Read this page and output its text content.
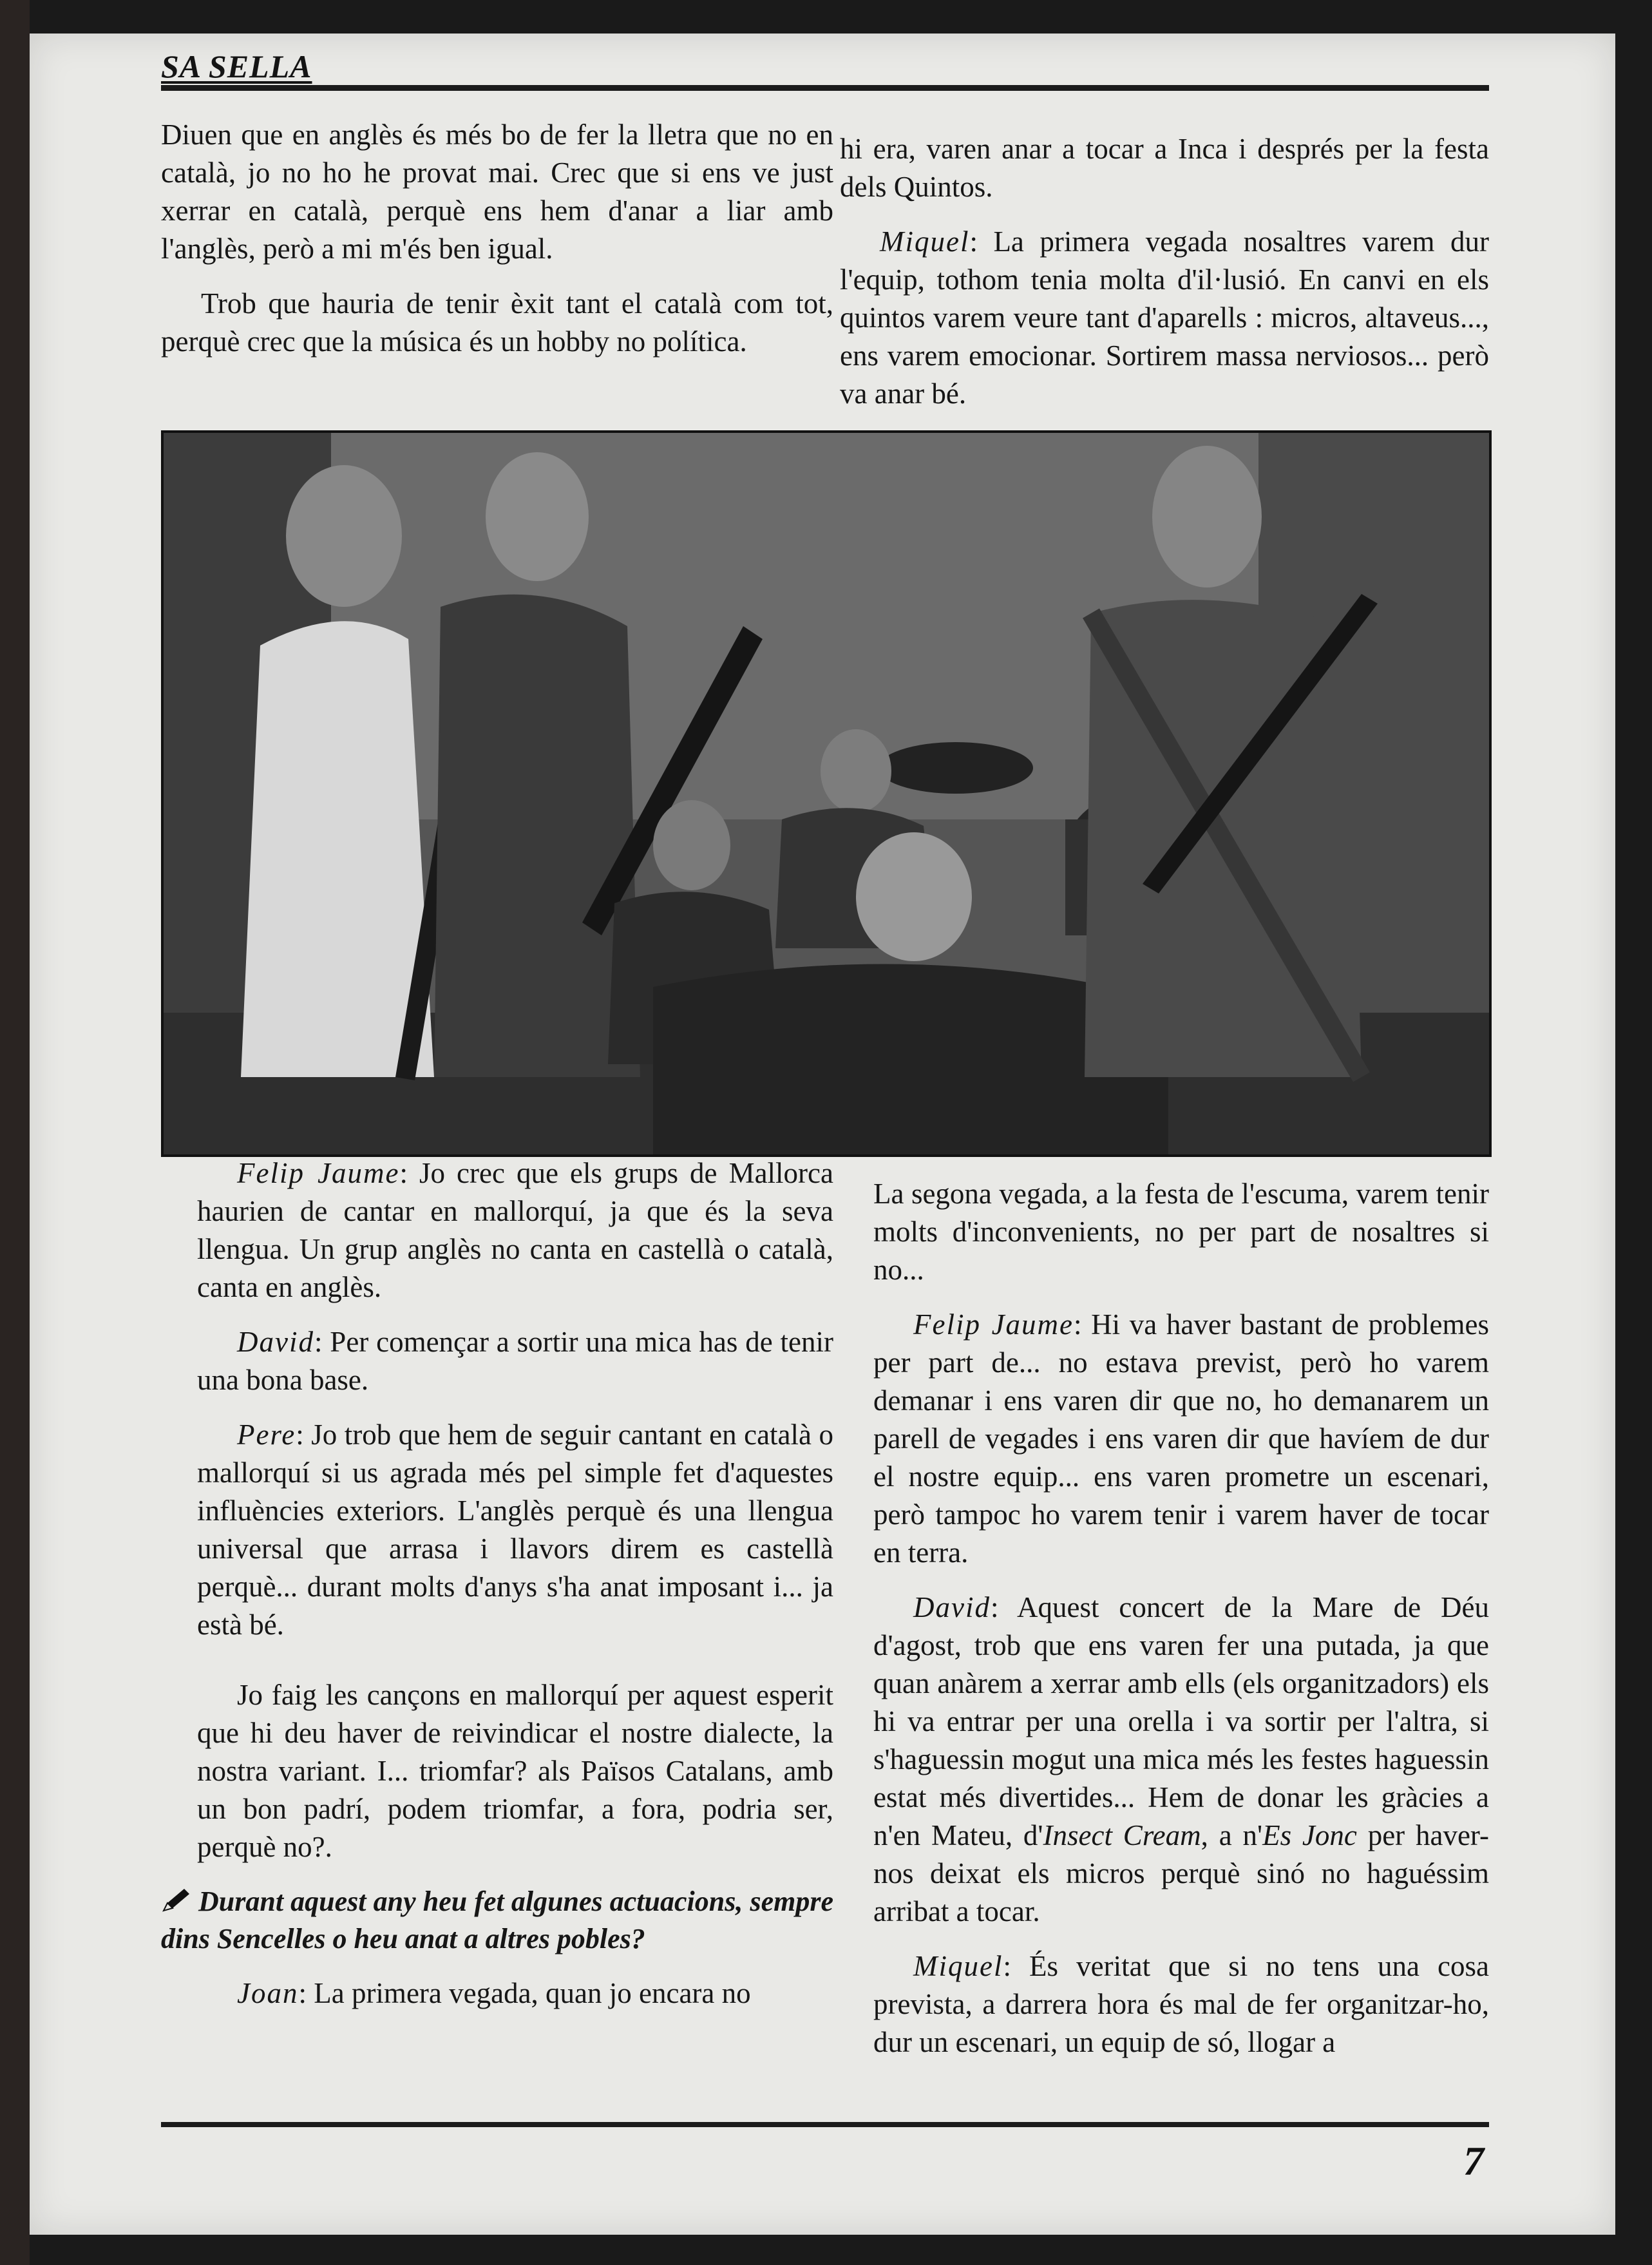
SA SELLA

Diuen que en anglès és més bo de fer la lletra que no en català, jo no ho he provat mai. Crec que si ens ve just xerrar en català, perquè ens hem d'anar a liar amb l'anglès, però a mi m'és ben igual.

Trob que hauria de tenir èxit tant el català com tot, perquè crec que la música és un hobby no política.

hi era, varen anar a tocar a Inca i després per la festa dels Quintos.

Miquel: La primera vegada nosaltres varem dur l'equip, tothom tenia molta d'il·lusió. En canvi en els quintos varem veure tant d'aparells : micros, altaveus..., ens varem emocionar. Sortirem massa nerviosos... però va anar bé.

Felip Jaume: Jo crec que els grups de Mallorca haurien de cantar en mallorquí, ja que és la seva llengua. Un grup anglès no canta en castellà o català, canta en anglès.

David: Per començar a sortir una mica has de tenir una bona base.

Pere: Jo trob que hem de seguir cantant en català o mallorquí si us agrada més pel simple fet d'aquestes influències exteriors. L'anglès perquè és una llengua universal que arrasa i llavors direm es castellà perquè... durant molts d'anys s'ha anat imposant i... ja està bé.

Jo faig les cançons en mallorquí per aquest esperit que hi deu haver de reivindicar el nostre dialecte, la nostra variant. I... triomfar? als Països Catalans, amb un bon padrí, podem triomfar, a fora, podria ser, perquè no?.

Durant aquest any heu fet algunes actuacions, sempre dins Sencelles o heu anat a altres pobles?

Joan: La primera vegada, quan jo encara no

La segona vegada, a la festa de l'escuma, varem tenir molts d'inconvenients, no per part de nosaltres si no...

Felip Jaume: Hi va haver bastant de problemes per part de... no estava previst, però ho varem demanar i ens varen dir que no, ho demanarem un parell de vegades i ens varen dir que havíem de dur el nostre equip... ens varen prometre un escenari, però tampoc ho varem tenir i varem haver de tocar en terra.

David: Aquest concert de la Mare de Déu d'agost, trob que ens varen fer una putada, ja que quan anàrem a xerrar amb ells (els organitzadors) els hi va entrar per una orella i va sortir per l'altra, si s'haguessin mogut una mica més les festes haguessin estat més divertides... Hem de donar les gràcies a n'en Mateu, d'Insect Cream, a n'Es Jonc per haver-nos deixat els micros perquè sinó no haguéssim arribat a tocar.

Miquel: És veritat que si no tens una cosa prevista, a darrera hora és mal de fer organitzar-ho, dur un escenari, un equip de só, llogar a

7
